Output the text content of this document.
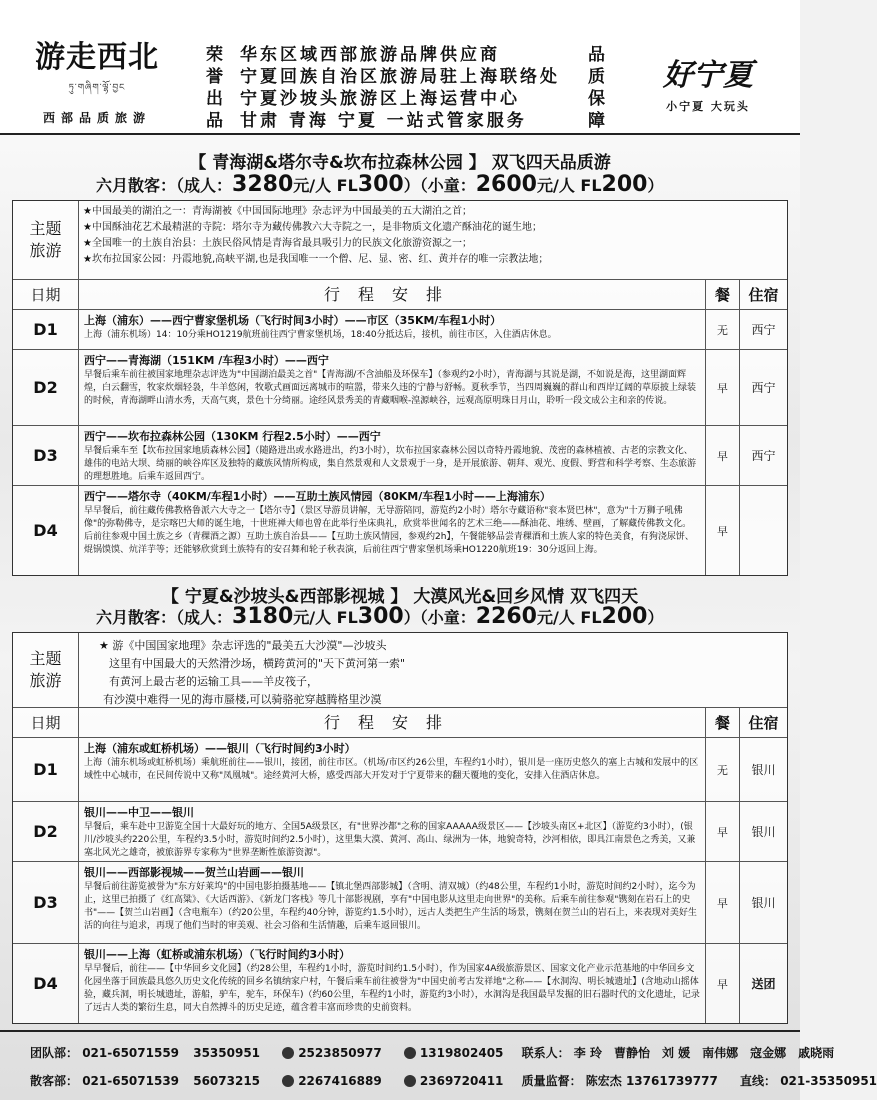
游走西北
ཏུ་གཞིག་ལྷོ་བྱང
西部品质旅游
荣
誉
出
品
华东区域西部旅游品牌供应商
宁夏回族自治区旅游局驻上海联络处
宁夏沙坡头旅游区上海运营中心
甘肃 青海 宁夏 一站式管家服务
品
质
保
障
好宁夏
小宁夏 大玩头
【 青海湖&塔尔寺&坎布拉森林公园 】 双飞四天品质游
六月散客：（成人：3280元/人 FL300）（小童：2600元/人 FL200）
主题
旅游
★中国最美的湖泊之一：青海湖被《中国国际地理》杂志评为中国最美的五大湖泊之首；
★中国酥油花艺术最精湛的寺院：塔尔寺为藏传佛教六大寺院之一，是非物质文化遗产酥油花的诞生地；
★全国唯一的土族自治县：土族民俗风情是青海省最具吸引力的民族文化旅游资源之一；
★坎布拉国家公园：丹霞地貌,高峡平湖,也是我国唯一一个僧、尼、显、密、红、黄并存的唯一宗教法地；
日期	行程安排	餐	住宿
D1	上海（浦东）——西宁曹家堡机场（飞行时间3小时）——市区（35KM/车程1小时）
上海（浦东机场）14：10分乘HO1219航班前往西宁曹家堡机场，18:40分抵达后，接机，前往市区，入住酒店休息。	无	西宁
D2
西宁——青海湖（151KM /车程3小时）——西宁
早餐后乘车前往被国家地理杂志评选为"中国湖泊最美之首"【青海湖/不含油船及环保车】（参观约2小时），青海湖与其说是湖，不如说是海，这里湖面辉煌，白云翻雪，牧家炊烟轻袅，牛羊悠闲，牧歌式画面远离城市的喧嚣，带来久违的宁静与舒畅。夏秋季节，当四周巍巍的群山和西岸辽阔的草原披上绿装的时候，青海湖畔山清水秀，天高气爽，景色十分绮丽。途经风景秀美的青藏咽喉-湟源峡谷，远观高原明珠日月山，聆听一段文成公主和亲的传说。
早	西宁
D3
西宁——坎布拉森林公园（130KM 行程2.5小时）——西宁
早餐后乘车至【坎布拉国家地质森林公园】（随路进出或水路进出，约3小时），坎布拉国家森林公园以奇特丹霞地貌、茂密的森林植被、古老的宗教文化、雄伟的电站大坝、绮丽的峡谷库区及独特的藏族风情所构成，集自然景观和人文景观于一身，是开展旅游、朝拜、观光、度假、野营和科学考察、生态旅游的理想胜地。后乘车返回西宁。
早	西宁
D4
西宁——塔尔寺（40KM/车程1小时）——互助土族风情园（80KM/车程1小时——上海浦东）
早早餐后，前往藏传佛教格鲁派六大寺之一【塔尔寺】（景区导游员讲解，无导游陪同，游览约2小时）塔尔寺藏语称"衮本贤巴林"，意为"十万狮子吼佛像"的弥勒佛寺，是宗喀巴大师的诞生地，十世班禅大师也曾在此举行坐床典礼，欣赏举世闻名的艺术三绝——酥油花、堆绣、壁画，了解藏传佛教文化。后前往参观中国土族之乡（青稞酒之源）互助土族自治县——【互助土族风情园，参观约2h】，午餐能够品尝青稞酒和土族人家的特色美食，有狗浇尿饼、焜锅馍馍、炕洋芋等；还能够欣赏到土族特有的安召舞和轮子秋表演，后前往西宁曹家堡机场乘HO1220航班19：30分返回上海。
早
【 宁夏&沙坡头&西部影视城 】 大漠风光&回乡风情 双飞四天
六月散客：（成人：3180元/人 FL300）（小童：2260元/人 FL200）
主题
旅游
★ 游《中国国家地理》杂志评选的"最美五大沙漠"—沙坡头
这里有中国最大的天然滑沙场，横跨黄河的"天下黄河第一索"
有黄河上最古老的运输工具——羊皮筏子，
有沙漠中难得一见的海市蜃楼,可以骑骆驼穿越腾格里沙漠
日期	行程安排	餐	住宿
D1
上海（浦东或虹桥机场）——银川（飞行时间约3小时）
上海（浦东机场或虹桥机场）乘航班前往——银川，接团，前往市区。（机场/市区约26公里，车程约1小时），银川是一座历史悠久的塞上古城和发展中的区域性中心城市，在民间传说中又称"凤凰城"。途经黄河大桥，感受西部大开发对于宁夏带来的翻天覆地的变化，安排入住酒店休息。	无	银川
D2
银川——中卫——银川
早餐后，乘车赴中卫游览全国十大最好玩的地方、全国5A级景区，有"世界沙都"之称的国家AAAAA级景区——【沙坡头南区+北区】（游览约3小时），(银川/沙坡头约220公里，车程约3.5小时，游览时间约2.5小时），这里集大漠、黄河、高山、绿洲为一体，地貌奇特，沙河相依，即具江南景色之秀美，又兼塞北风光之雄奇，被旅游界专家称为"世界垄断性旅游资源"。
早	银川
D3
银川——西部影视城——贺兰山岩画——银川
早餐后前往游览被誉为"东方好莱坞"的中国电影拍摄基地——【镇北堡西部影城】（含明、清双城）（约48公里，车程约1小时，游览时间约2小时），迄今为止，这里已拍摄了《红高粱》、《大话西游》、《新龙门客栈》等几十部影视剧，享有"中国电影从这里走向世界"的美称。后乘车前往参观"镌刻在岩石上的史书"——【贺兰山岩画】（含电瓶车）（约20公里，车程约40分钟，游览约1.5小时），远古人类把生产生活的场景，镌刻在贺兰山的岩石上，来表现对美好生活的向往与追求，再现了他们当时的审美观、社会习俗和生活情趣，后乘车返回银川。
早	银川
D4
银川——上海（虹桥或浦东机场）（飞行时间约3小时）
早早餐后，前往——【中华回乡文化园】（约28公里，车程约1小时，游览时间约1.5小时），作为国家4A级旅游景区、国家文化产业示范基地的中华回乡文化园坐落于回族最具悠久历史文化传统的回乡名镇纳家户村，午餐后乘车前往被誉为"中国史前考古发祥地"之称——【水洞沟、明长城遗址】(含地动山摇体验，藏兵洞，明长城遗址，游船，驴车，驼车，环保车)（约60公里，车程约1小时，游览约3小时），水洞沟是我国最早发掘的旧石器时代的文化遗址，记录了远古人类的繁衍生息，同大自然搏斗的历史足迹，蕴含着丰富而珍贵的史前资料。
早	送团
团队部： 021-65071559 35350951	2523850977	1319802405 联系人： 李 玲　曹静怡　刘 媛　南伟娜　寇金娜　戚晓雨
散客部： 021-65071539 56073215	2267416889	2369720411 质量监督： 陈宏杰 13761739777 直线： 021-35350951
